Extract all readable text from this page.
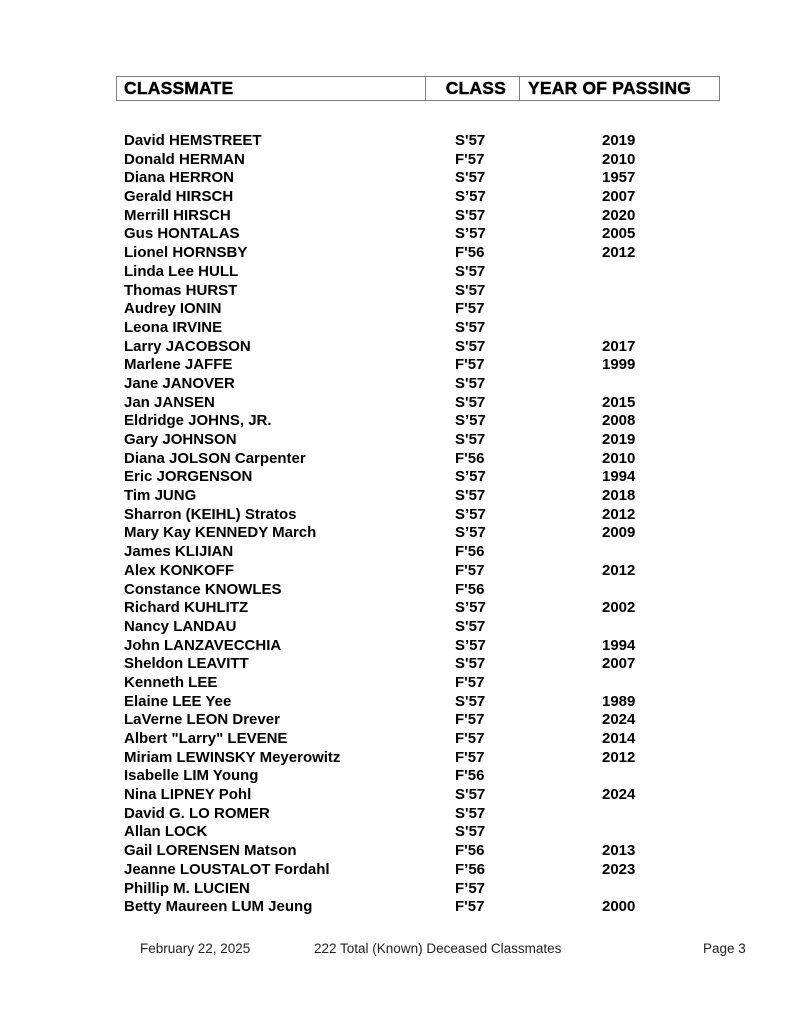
CLASSMATE	CLASS	YEAR OF PASSING
David HEMSTREET	S'57	2019
Donald HERMAN	F'57	2010
Diana HERRON	S'57	1957
Gerald HIRSCH	S’57	2007
Merrill HIRSCH	S'57	2020
Gus HONTALAS	S’57	2005
Lionel HORNSBY	F'56	2012
Linda Lee HULL	S'57
Thomas HURST	S'57
Audrey IONIN	F'57
Leona IRVINE	S'57
Larry JACOBSON	S'57	2017
Marlene JAFFE	F'57	1999
Jane JANOVER	S'57
Jan JANSEN	S'57	2015
Eldridge JOHNS, JR.	S’57	2008
Gary JOHNSON	S'57	2019
Diana JOLSON Carpenter	F'56	2010
Eric JORGENSON	S’57	1994
Tim JUNG	S'57	2018
Sharron (KEIHL) Stratos	S’57	2012
Mary Kay KENNEDY March	S’57	2009
James KLIJIAN	F'56
Alex KONKOFF	F'57	2012
Constance KNOWLES	F'56
Richard KUHLITZ	S’57	2002
Nancy LANDAU	S'57
John LANZAVECCHIA	S’57	1994
Sheldon LEAVITT	S'57	2007
Kenneth LEE	F'57
Elaine LEE Yee	S'57	1989
LaVerne LEON Drever	F'57	2024
Albert "Larry" LEVENE	F'57	2014
Miriam LEWINSKY Meyerowitz	F'57	2012
Isabelle LIM Young	F'56
Nina LIPNEY Pohl	S'57	2024
David G. LO ROMER	S'57
Allan LOCK	S'57
Gail LORENSEN Matson	F'56	2013
Jeanne LOUSTALOT Fordahl	F’56	2023
Phillip M. LUCIEN	F’57
Betty Maureen LUM Jeung	F'57	2000
February 22, 2025	222 Total (Known) Deceased Classmates	Page 3
